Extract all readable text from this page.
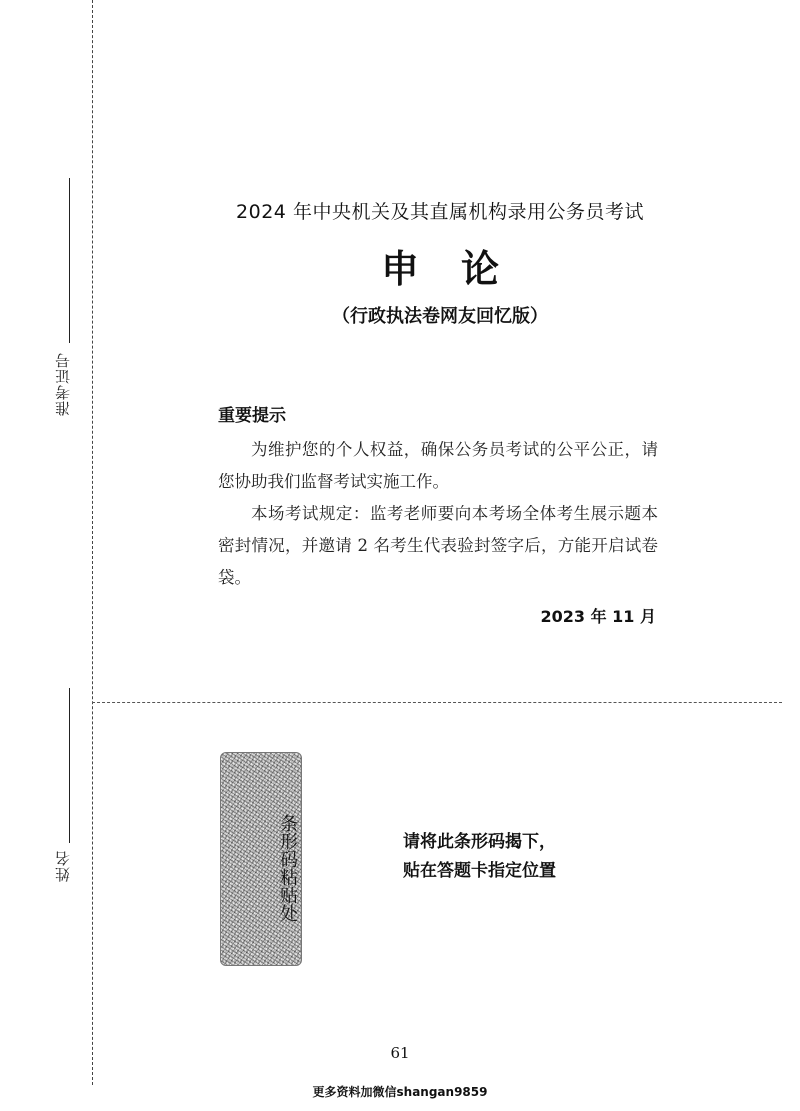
准考证号
姓名
2024 年中央机关及其直属机构录用公务员考试
申论
（行政执法卷网友回忆版）
重要提示

为维护您的个人权益，确保公务员考试的公平公正，请您协助我们监督考试实施工作。

本场考试规定：监考老师要向本考场全体考生展示题本密封情况，并邀请 2 名考生代表验封签字后，方能开启试卷袋。

2023 年 11 月
条形码粘贴处	请将此条形码揭下，
贴在答题卡指定位置
61
更多资料加微信shangan9859
